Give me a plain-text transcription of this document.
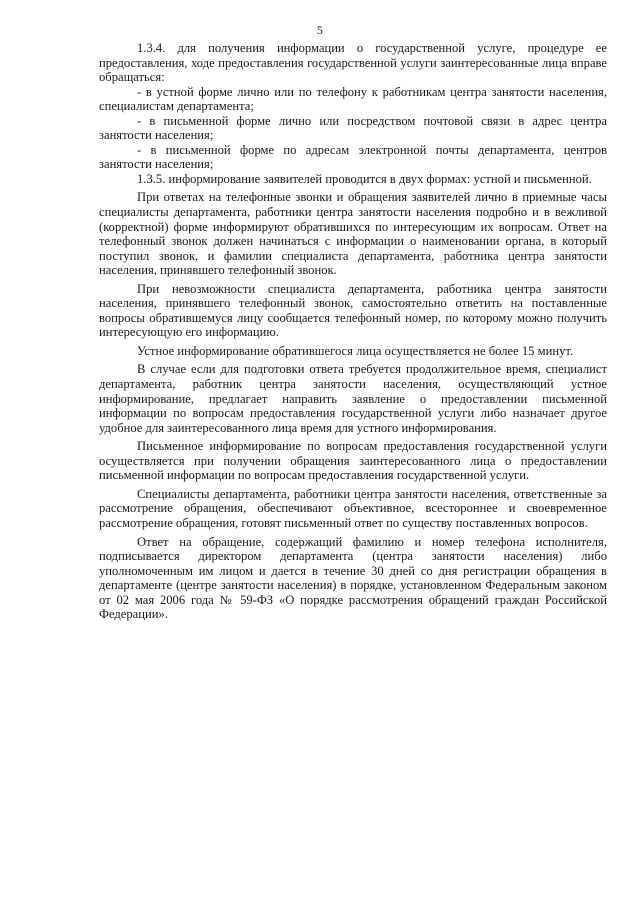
5

1.3.4. для получения информации о государственной услуге, процедуре ее предоставления, ходе предоставления государственной услуги заинтересованные лица вправе обращаться:

- в устной форме лично или по телефону к работникам центра занятости населения, специалистам департамента;

- в письменной форме лично или посредством почтовой связи в адрес центра занятости населения;

- в письменной форме по адресам электронной почты департамента, центров занятости населения;

1.3.5. информирование заявителей проводится в двух формах: устной и письменной.

При ответах на телефонные звонки и обращения заявителей лично в приемные часы специалисты департамента, работники центра занятости населения подробно и в вежливой (корректной) форме информируют обратившихся по интересующим их вопросам. Ответ на телефонный звонок должен начинаться с информации о наименовании органа, в который поступил звонок, и фамилии специалиста департамента, работника центра занятости населения, принявшего телефонный звонок.

При невозможности специалиста департамента, работника центра занятости населения, принявшего телефонный звонок, самостоятельно ответить на поставленные вопросы обратившемуся лицу сообщается телефонный номер, по которому можно получить интересующую его информацию.

Устное информирование обратившегося лица осуществляется не более 15 минут.

В случае если для подготовки ответа требуется продолжительное время, специалист департамента, работник центра занятости населения, осуществляющий устное информирование, предлагает направить заявление о предоставлении письменной информации по вопросам предоставления государственной услуги либо назначает другое удобное для заинтересованного лица время для устного информирования.

Письменное информирование по вопросам предоставления государственной услуги осуществляется при получении обращения заинтересованного лица о предоставлении письменной информации по вопросам предоставления государственной услуги.

Специалисты департамента, работники центра занятости населения, ответственные за рассмотрение обращения, обеспечивают объективное, всестороннее и своевременное рассмотрение обращения, готовят письменный ответ по существу поставленных вопросов.

Ответ на обращение, содержащий фамилию и номер телефона исполнителя, подписывается директором департамента (центра занятости населения) либо уполномоченным им лицом и дается в течение 30 дней со дня регистрации обращения в департаменте (центре занятости населения) в порядке, установленном Федеральным законом от 02 мая 2006 года № 59-ФЗ «О порядке рассмотрения обращений граждан Российской Федерации».
